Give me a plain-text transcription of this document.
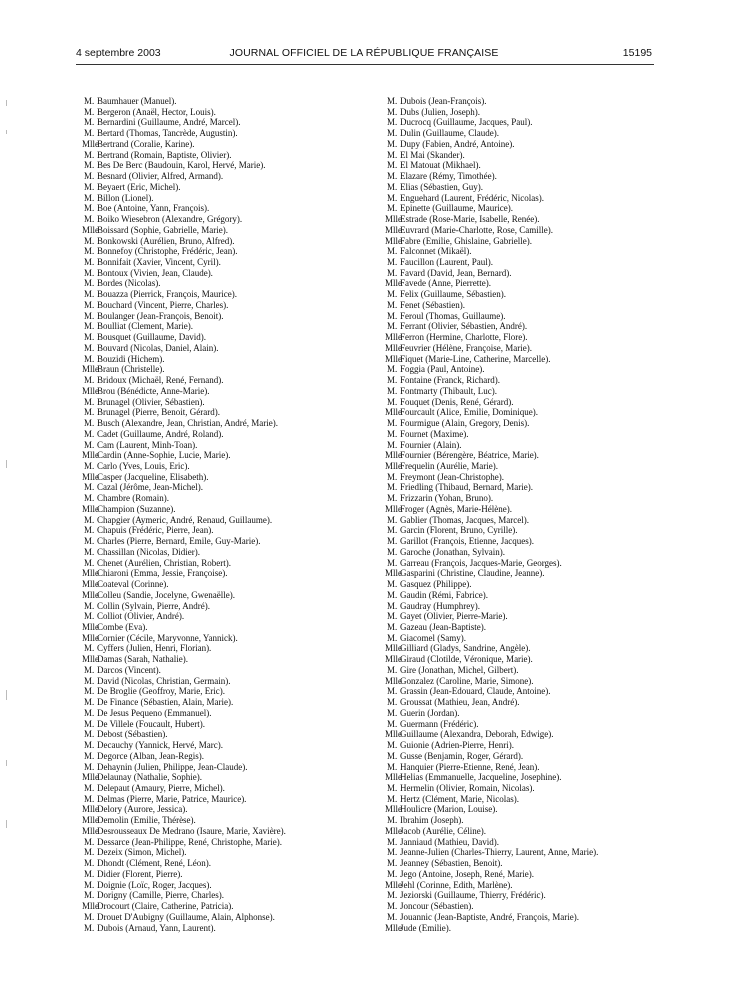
4 septembre 2003	JOURNAL OFFICIEL DE LA RÉPUBLIQUE FRANÇAISE	15195
M. Baumhauer (Manuel).
M. Bergeron (Anaël, Hector, Louis).
M. Bernardini (Guillaume, André, Marcel).
M. Bertard (Thomas, Tancrède, Augustin).
MlleBertrand (Coralie, Karine).
M. Bertrand (Romain, Baptiste, Olivier).
M. Bes De Berc (Baudouin, Karol, Hervé, Marie).
M. Besnard (Olivier, Alfred, Armand).
M. Beyaert (Eric, Michel).
M. Billon (Lionel).
M. Boe (Antoine, Yann, François).
M. Boiko Wiesebron (Alexandre, Grégory).
MlleBoissard (Sophie, Gabrielle, Marie).
M. Bonkowski (Aurélien, Bruno, Alfred).
M. Bonnefoy (Christophe, Frédéric, Jean).
M. Bonnifait (Xavier, Vincent, Cyril).
M. Bontoux (Vivien, Jean, Claude).
M. Bordes (Nicolas).
M. Bouazza (Pierrick, François, Maurice).
M. Bouchard (Vincent, Pierre, Charles).
M. Boulanger (Jean-François, Benoit).
M. Boulliat (Clement, Marie).
M. Bousquet (Guillaume, David).
M. Bouvard (Nicolas, Daniel, Alain).
M. Bouzidi (Hichem).
MlleBraun (Christelle).
M. Bridoux (Michaël, René, Fernand).
MlleBrou (Bénédicte, Anne-Marie).
M. Brunagel (Olivier, Sébastien).
M. Brunagel (Pierre, Benoit, Gérard).
M. Busch (Alexandre, Jean, Christian, André, Marie).
M. Cadet (Guillaume, André, Roland).
M. Cam (Laurent, Minh-Toan).
MlleCardin (Anne-Sophie, Lucie, Marie).
M. Carlo (Yves, Louis, Eric).
MlleCasper (Jacqueline, Elisabeth).
M. Cazal (Jérôme, Jean-Michel).
M. Chambre (Romain).
MlleChampion (Suzanne).
M. Chapgier (Aymeric, André, Renaud, Guillaume).
M. Chapuis (Frédéric, Pierre, Jean).
M. Charles (Pierre, Bernard, Emile, Guy-Marie).
M. Chassillan (Nicolas, Didier).
M. Chenet (Aurélien, Christian, Robert).
MlleChiaroni (Emma, Jessie, Françoise).
MlleCoateval (Corinne).
MlleColleu (Sandie, Jocelyne, Gwenaëlle).
M. Collin (Sylvain, Pierre, André).
M. Colliot (Olivier, André).
MlleCombe (Eva).
MlleCornier (Cécile, Maryvonne, Yannick).
M. Cyffers (Julien, Henri, Florian).
MlleDamas (Sarah, Nathalie).
M. Darcos (Vincent).
M. David (Nicolas, Christian, Germain).
M. De Broglie (Geoffroy, Marie, Eric).
M. De Finance (Sébastien, Alain, Marie).
M. De Jesus Pequeno (Emmanuel).
M. De Villele (Foucault, Hubert).
M. Debost (Sébastien).
M. Decauchy (Yannick, Hervé, Marc).
M. Degorce (Alban, Jean-Regis).
M. Dehaynin (Julien, Philippe, Jean-Claude).
MlleDelaunay (Nathalie, Sophie).
M. Delepaut (Amaury, Pierre, Michel).
M. Delmas (Pierre, Marie, Patrice, Maurice).
MlleDelory (Aurore, Jessica).
MlleDemolin (Emilie, Thérèse).
MlleDesrousseaux De Medrano (Isaure, Marie, Xavière).
M. Dessarce (Jean-Philippe, René, Christophe, Marie).
M. Dezeix (Simon, Michel).
M. Dhondt (Clément, René, Léon).
M. Didier (Florent, Pierre).
M. Doignie (Loïc, Roger, Jacques).
M. Dorigny (Camille, Pierre, Charles).
MlleDrocourt (Claire, Catherine, Patricia).
M. Drouet D'Aubigny (Guillaume, Alain, Alphonse).
M. Dubois (Arnaud, Yann, Laurent).
M. Dubois (Jean-François).
M. Dubs (Julien, Joseph).
M. Ducrocq (Guillaume, Jacques, Paul).
M. Dulin (Guillaume, Claude).
M. Dupy (Fabien, André, Antoine).
M. El Mai (Skander).
M. El Matouat (Mikhael).
M. Elazare (Rémy, Timothée).
M. Elias (Sébastien, Guy).
M. Enguehard (Laurent, Frédéric, Nicolas).
M. Epinette (Guillaume, Maurice).
MlleEstrade (Rose-Marie, Isabelle, Renée).
MlleEuvrard (Marie-Charlotte, Rose, Camille).
MlleFabre (Emilie, Ghislaine, Gabrielle).
M. Falconnet (Mikaël).
M. Faucillon (Laurent, Paul).
M. Favard (David, Jean, Bernard).
MlleFavede (Anne, Pierrette).
M. Felix (Guillaume, Sébastien).
M. Fenet (Sébastien).
M. Feroul (Thomas, Guillaume).
M. Ferrant (Olivier, Sébastien, André).
MlleFerron (Hermine, Charlotte, Flore).
MlleFeuvrier (Hélène, Françoise, Marie).
MlleFiquet (Marie-Line, Catherine, Marcelle).
M. Foggia (Paul, Antoine).
M. Fontaine (Franck, Richard).
M. Fontmarty (Thibault, Luc).
M. Fouquet (Denis, René, Gérard).
MlleFourcault (Alice, Emilie, Dominique).
M. Fourmigue (Alain, Gregory, Denis).
M. Fournet (Maxime).
M. Fournier (Alain).
MlleFournier (Bérengère, Béatrice, Marie).
MlleFrequelin (Aurélie, Marie).
M. Freymont (Jean-Christophe).
M. Friedling (Thibaud, Bernard, Marie).
M. Frizzarin (Yohan, Bruno).
MlleFroger (Agnès, Marie-Hélène).
M. Gablier (Thomas, Jacques, Marcel).
M. Garcin (Florent, Bruno, Cyrille).
M. Garillot (François, Etienne, Jacques).
M. Garoche (Jonathan, Sylvain).
M. Garreau (François, Jacques-Marie, Georges).
MlleGasparini (Christine, Claudine, Jeanne).
M. Gasquez (Philippe).
M. Gaudin (Rémi, Fabrice).
M. Gaudray (Humphrey).
M. Gayet (Olivier, Pierre-Marie).
M. Gazeau (Jean-Baptiste).
M. Giacomel (Samy).
MlleGilliard (Gladys, Sandrine, Angèle).
MlleGiraud (Clotilde, Véronique, Marie).
M. Gire (Jonathan, Michel, Gilbert).
MlleGonzalez (Caroline, Marie, Simone).
M. Grassin (Jean-Edouard, Claude, Antoine).
M. Groussat (Mathieu, Jean, André).
M. Guerin (Jordan).
M. Guermann (Frédéric).
MlleGuillaume (Alexandra, Deborah, Edwige).
M. Guionie (Adrien-Pierre, Henri).
M. Gusse (Benjamin, Roger, Gérard).
M. Hanquier (Pierre-Etienne, René, Jean).
MlleHelias (Emmanuelle, Jacqueline, Josephine).
M. Hermelin (Olivier, Romain, Nicolas).
M. Hertz (Clément, Marie, Nicolas).
MlleHoulicre (Marion, Louise).
M. Ibrahim (Joseph).
MlleJacob (Aurélie, Céline).
M. Janniaud (Mathieu, David).
M. Jeanne-Julien (Charles-Thierry, Laurent, Anne, Marie).
M. Jeanney (Sébastien, Benoit).
M. Jego (Antoine, Joseph, René, Marie).
MlleJehl (Corinne, Edith, Marlène).
M. Jeziorski (Guillaume, Thierry, Frédéric).
M. Joncour (Sébastien).
M. Jouannic (Jean-Baptiste, André, François, Marie).
MlleJude (Emilie).
